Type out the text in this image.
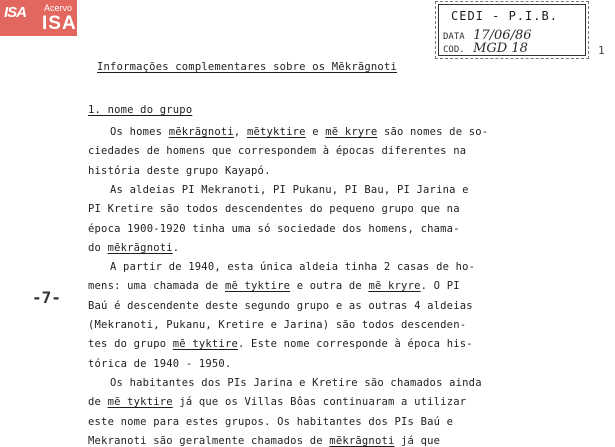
ISA Acervo
ISA	CEDI - P.I.B.
DATA 17/06/86
COD. MGD 18	1
-7-
Informações complementares sobre os Mẽkrãgnoti
1. nome do grupo
Os homes mẽkrãgnoti, mẽtyktire e mẽ kryre são nomes de so-
ciedades de homens que correspondem à épocas diferentes na
história deste grupo Kayapó.
As aldeias PI Mekranoti, PI Pukanu, PI Bau, PI Jarina e
PI Kretire são todos descendentes do pequeno grupo que na
época 1900-1920 tinha uma só sociedade dos homens, chama-
do mẽkrãgnoti.
A partir de 1940, esta única aldeia tinha 2 casas de ho-
mens: uma chamada de mẽ tyktire e outra de mẽ kryre. O PI
Baú é descendente deste segundo grupo e as outras 4 aldeias
(Mekranoti, Pukanu, Kretire e Jarina) são todos descenden-
tes do grupo mẽ tyktire. Este nome corresponde à época his-
tórica de 1940 - 1950.
Os habitantes dos PIs Jarina e Kretire são chamados ainda
de mẽ tyktire já que os Villas Bôas continuaram a utilizar
este nome para estes grupos. Os habitantes dos PIs Baú e
Mekranoti são geralmente chamados de mẽkrãgnoti já que
